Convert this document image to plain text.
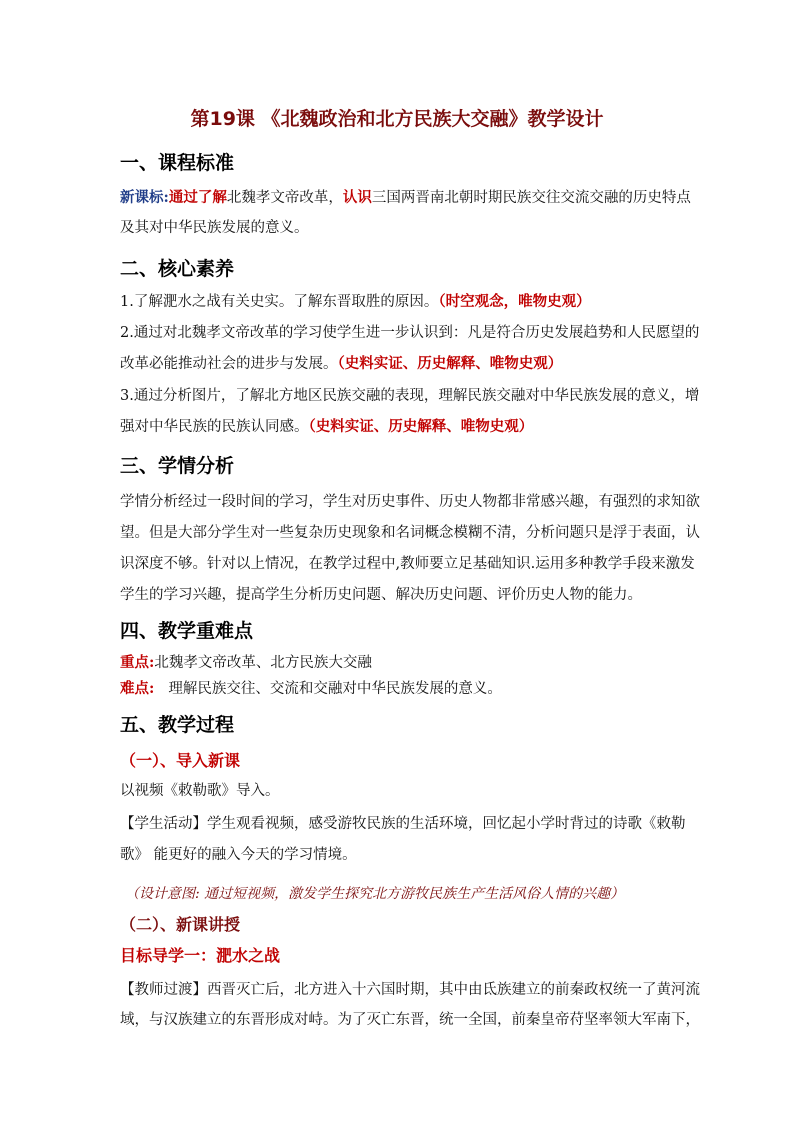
第19课 《北魏政治和北方民族大交融》教学设计
一、课程标准
新课标:通过了解北魏孝文帝改革，认识三国两晋南北朝时期民族交往交流交融的历史特点
及其对中华民族发展的意义。
二、核心素养
1.了解淝水之战有关史实。了解东晋取胜的原因。（时空观念，唯物史观）
2.通过对北魏孝文帝改革的学习使学生进一步认识到：凡是符合历史发展趋势和人民愿望的
改革必能推动社会的进步与发展。（史料实证、历史解释、唯物史观）
3.通过分析图片，了解北方地区民族交融的表现，理解民族交融对中华民族发展的意义，增
强对中华民族的民族认同感。（史料实证、历史解释、唯物史观）
三、学情分析
学情分析经过一段时间的学习，学生对历史事件、历史人物都非常感兴趣，有强烈的求知欲
望。但是大部分学生对一些复杂历史现象和名词概念模糊不清，分析问题只是浮于表面，认
识深度不够。针对以上情况，在教学过程中,教师要立足基础知识.运用多种教学手段来激发
学生的学习兴趣，提高学生分析历史问题、解决历史问题、评价历史人物的能力。
四、教学重难点
重点:北魏孝文帝改革、北方民族大交融
难点: 理解民族交往、交流和交融对中华民族发展的意义。
五、教学过程
（一）、导入新课
以视频《敕勒歌》导入。
【学生活动】学生观看视频，感受游牧民族的生活环境，回忆起小学时背过的诗歌《敕勒
歌》 能更好的融入今天的学习情境。
（设计意图: 通过短视频，激发学生探究北方游牧民族生产生活风俗人情的兴趣）
（二）、新课讲授
目标导学一：淝水之战
【教师过渡】西晋灭亡后，北方进入十六国时期，其中由氐族建立的前秦政权统一了黄河流
域，与汉族建立的东晋形成对峙。为了灭亡东晋，统一全国，前秦皇帝苻坚率领大军南下，
